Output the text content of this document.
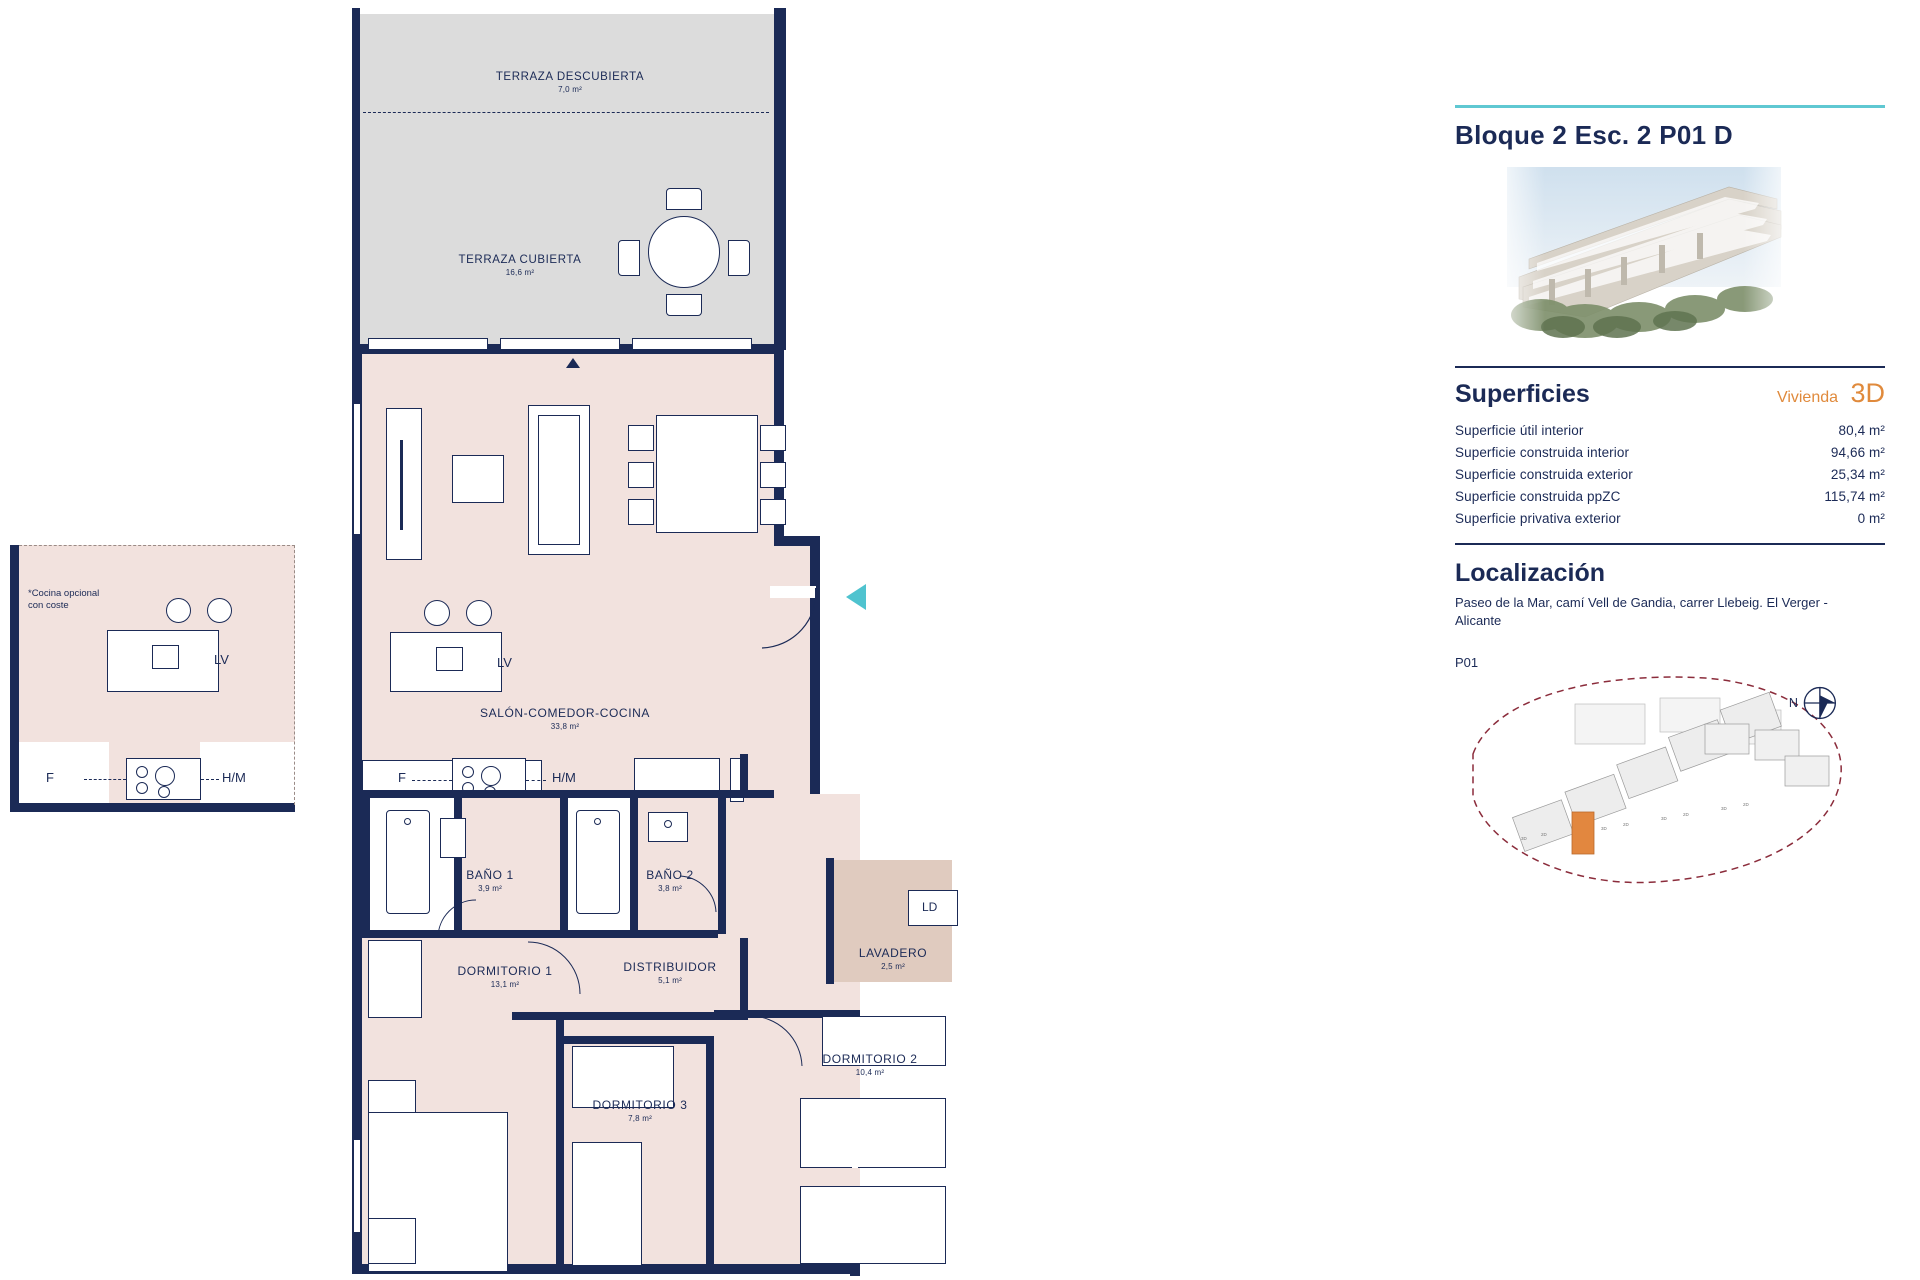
*Cocina opcional
con coste
LV
F	H/M
TERRAZA DESCUBIERTA
7,0 m²
TERRAZA CUBIERTA
16,6 m²
LV
SALÓN-COMEDOR-COCINA
33,8 m²
F	H/M
BAÑO 1
3,9 m²
BAÑO 2
3,8 m²
LD
LAVADERO
2,5 m²
DISTRIBUIDOR
5,1 m²
DORMITORIO 1
13,1 m²
DORMITORIO 3
7,8 m²
DORMITORIO 2
10,4 m²
Bloque 2 Esc. 2 P01 D
Superficies	Vivienda 3D
Superficie útil interior	80,4 m²
Superficie construida interior	94,66 m²
Superficie construida exterior	25,34 m²
Superficie construida ppZC	115,74 m²
Superficie privativa exterior	0 m²
Localización
Paseo de la Mar, camí Vell de Gandia, carrer Llebeig. El Verger - Alicante
P01
3D
2D
3D
2D
3D
2D
3D
2D
N
